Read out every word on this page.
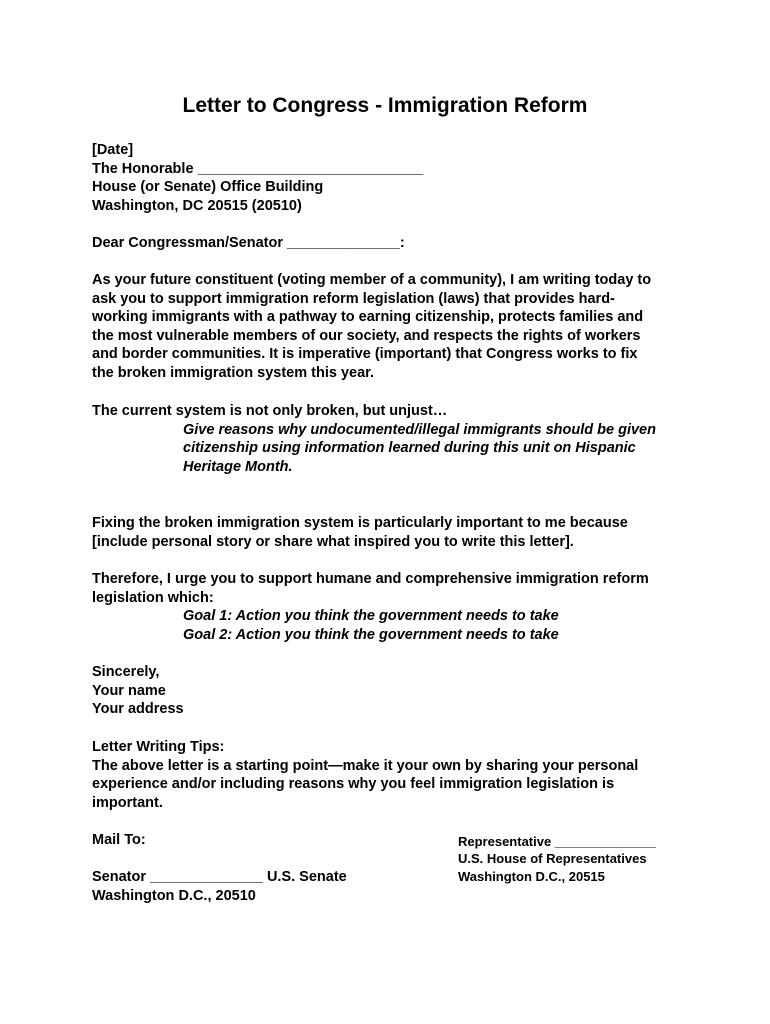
Letter to Congress - Immigration Reform
[Date]
The Honorable ____________________________
House (or Senate) Office Building
Washington, DC 20515 (20510)
Dear Congressman/Senator ______________:
As your future constituent (voting member of a community), I am writing today to
ask you to support immigration reform legislation (laws) that provides hard-
working immigrants with a pathway to earning citizenship, protects families and
the most vulnerable members of our society, and respects the rights of workers
and border communities. It is imperative (important) that Congress works to fix
the broken immigration system this year.
The current system is not only broken, but unjust…
Give reasons why undocumented/illegal immigrants should be given
citizenship using information learned during this unit on Hispanic
Heritage Month.
Fixing the broken immigration system is particularly important to me because
[include personal story or share what inspired you to write this letter].
Therefore, I urge you to support humane and comprehensive immigration reform
legislation which:
Goal 1: Action you think the government needs to take
Goal 2: Action you think the government needs to take
Sincerely,
Your name
Your address
Letter Writing Tips:
The above letter is a starting point—make it your own by sharing your personal
experience and/or including reasons why you feel immigration legislation is
important.
Mail To:
Senator ______________ U.S. Senate
Washington D.C., 20510
Representative ______________
U.S. House of Representatives
Washington D.C., 20515
